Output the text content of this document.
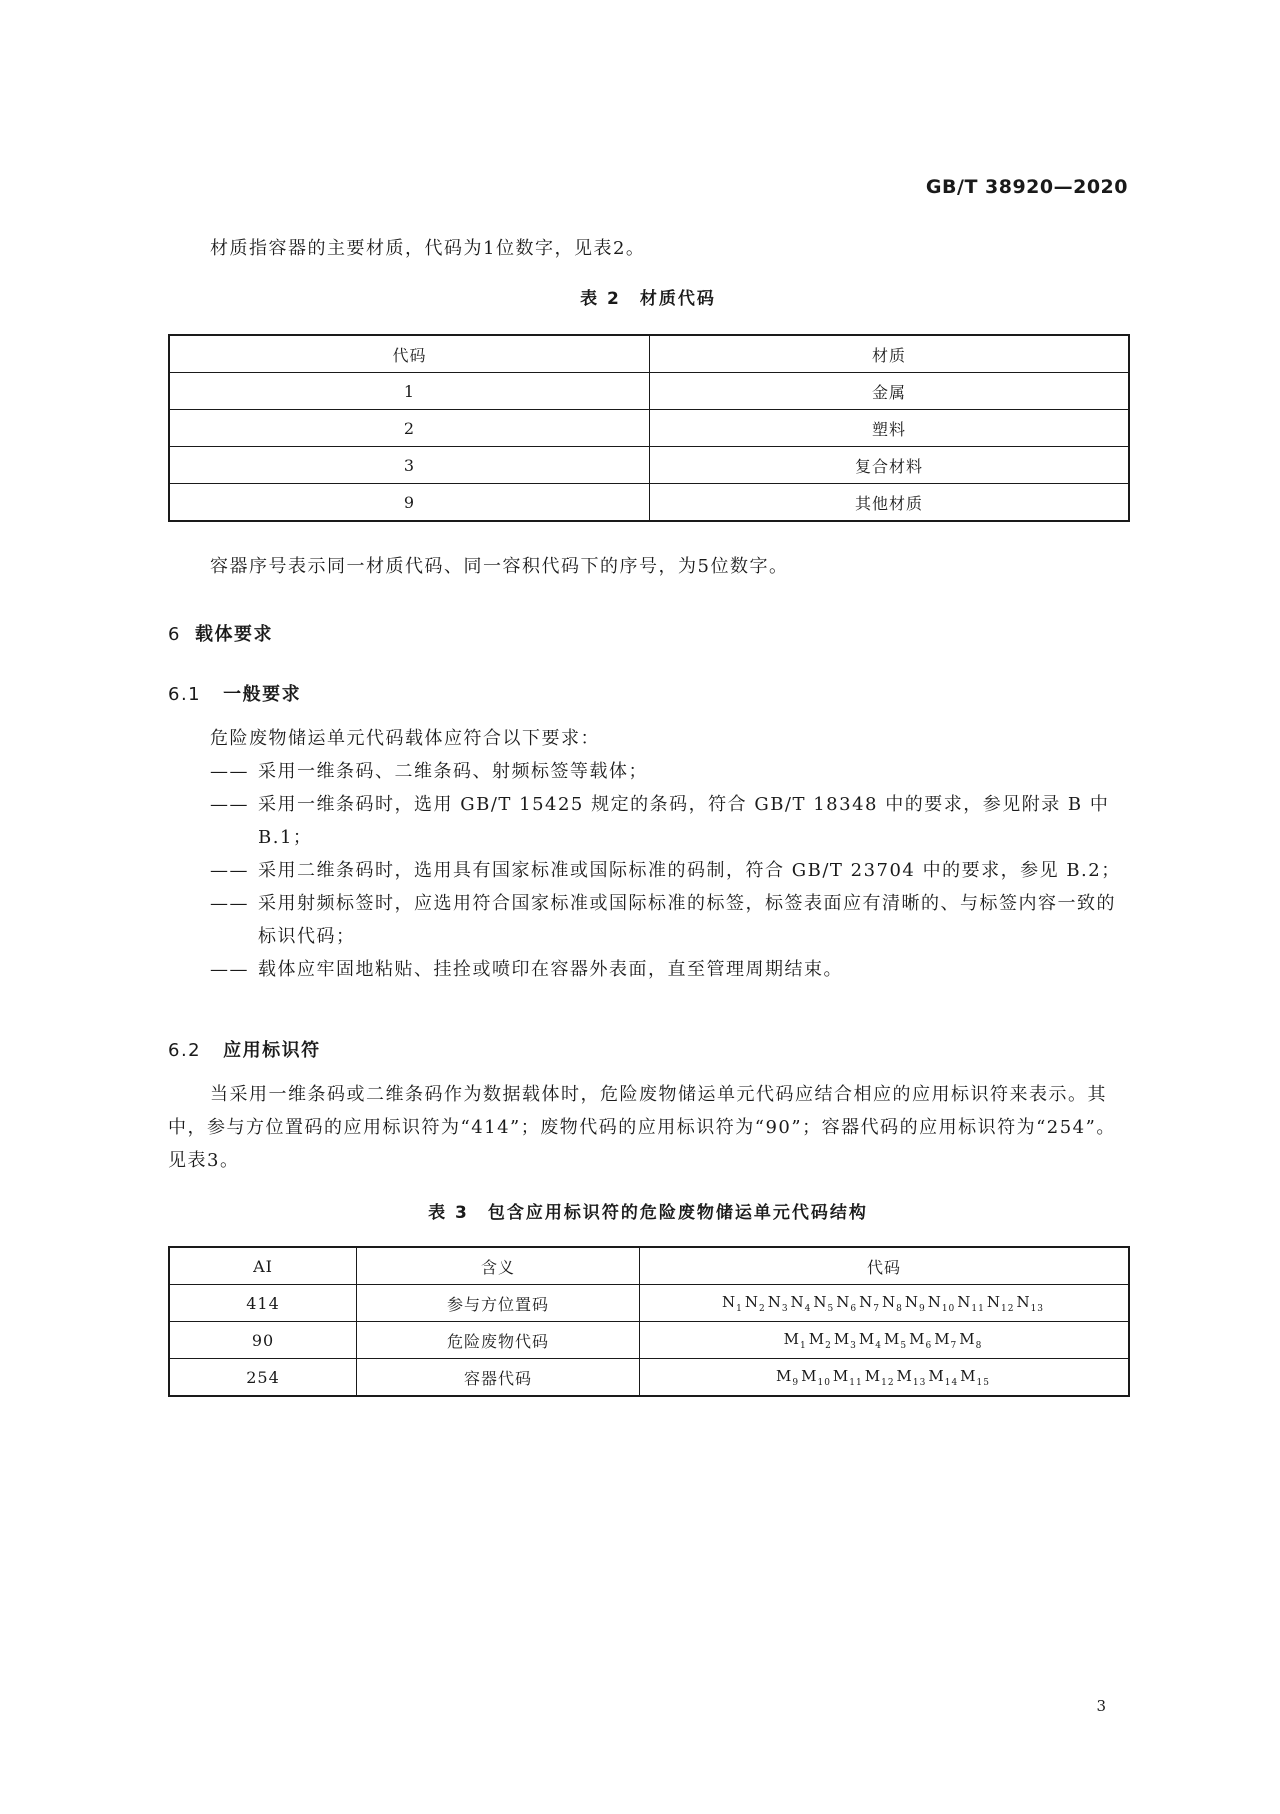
GB/T 38920—2020

材质指容器的主要材质，代码为1位数字，见表2。

表 2　材质代码

代码	材质
1	金属
2	塑料
3	复合材料
9	其他材质

容器序号表示同一材质代码、同一容积代码下的序号，为5位数字。

6 载体要求
6.1 一般要求
危险废物储运单元代码载体应符合以下要求：
—— 采用一维条码、二维条码、射频标签等载体；
—— 采用一维条码时，选用 GB/T 15425 规定的条码，符合 GB/T 18348 中的要求，参见附录 B 中 B.1；
—— 采用二维条码时，选用具有国家标准或国际标准的码制，符合 GB/T 23704 中的要求，参见 B.2；
—— 采用射频标签时，应选用符合国家标准或国际标准的标签，标签表面应有清晰的、与标签内容一致的标识代码；
—— 载体应牢固地粘贴、挂拴或喷印在容器外表面，直至管理周期结束。
6.2 应用标识符

当采用一维条码或二维条码作为数据载体时，危险废物储运单元代码应结合相应的应用标识符来表示。其中，参与方位置码的应用标识符为“414”；废物代码的应用标识符为“90”；容器代码的应用标识符为“254”。见表3。

表 3　包含应用标识符的危险废物储运单元代码结构

AI	含义	代码
414	参与方位置码	$N_1$ $N_2$ $N_3$ $N_4$ $N_5$ $N_6$ $N_7$ $N_8$ $N_9$ $N_{10}$ $N_{11}$ $N_{12}$ $N_{13}$
90	危险废物代码	$M_1$ $M_2$ $M_3$ $M_4$ $M_5$ $M_6$ $M_7$ $M_8$
254	容器代码	$M_9$ $M_{10}$ $M_{11}$ $M_{12}$ $M_{13}$ $M_{14}$ $M_{15}$
3
